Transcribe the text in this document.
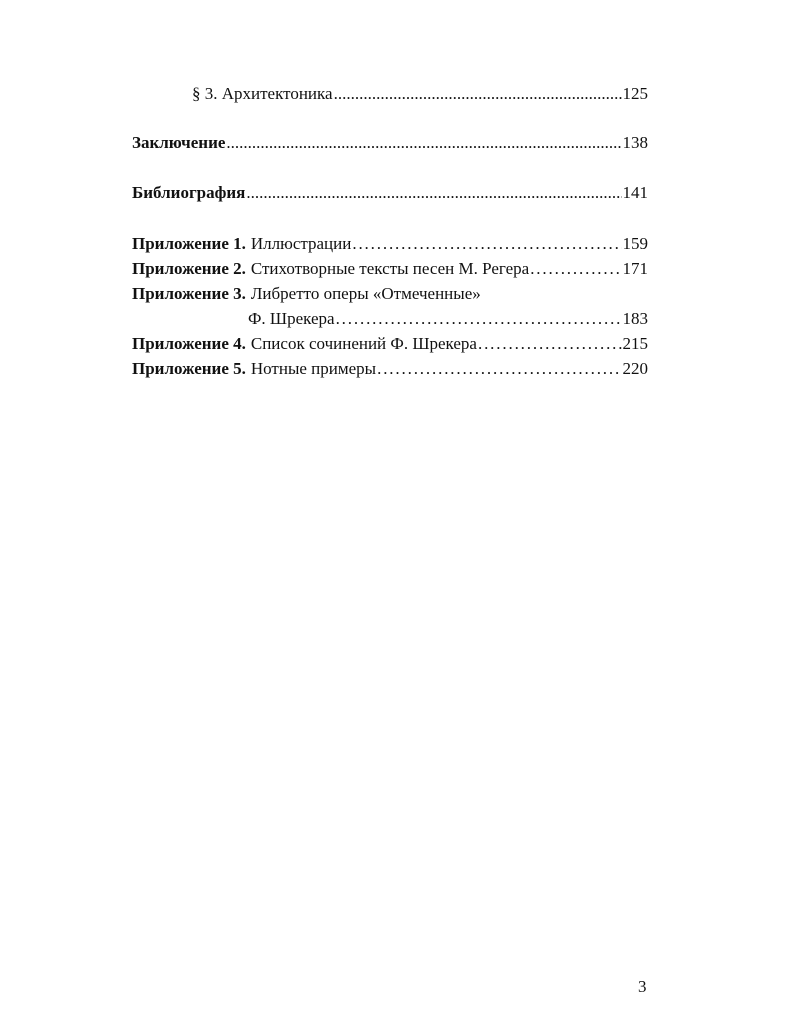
§ 3. Архитектоника .....	125
Заключение .....	138
Библиография .....	141
Приложение 1. Иллюстрации . . .	159
Приложение 2. Стихотворные тексты песен М. Регера . . .	171
Приложение 3. Либретто оперы «Отмеченные»
Ф. Шрекера . . .	183
Приложение 4. Список сочинений Ф. Шрекера . . .	215
Приложение 5. Нотные примеры . . .	220
3
